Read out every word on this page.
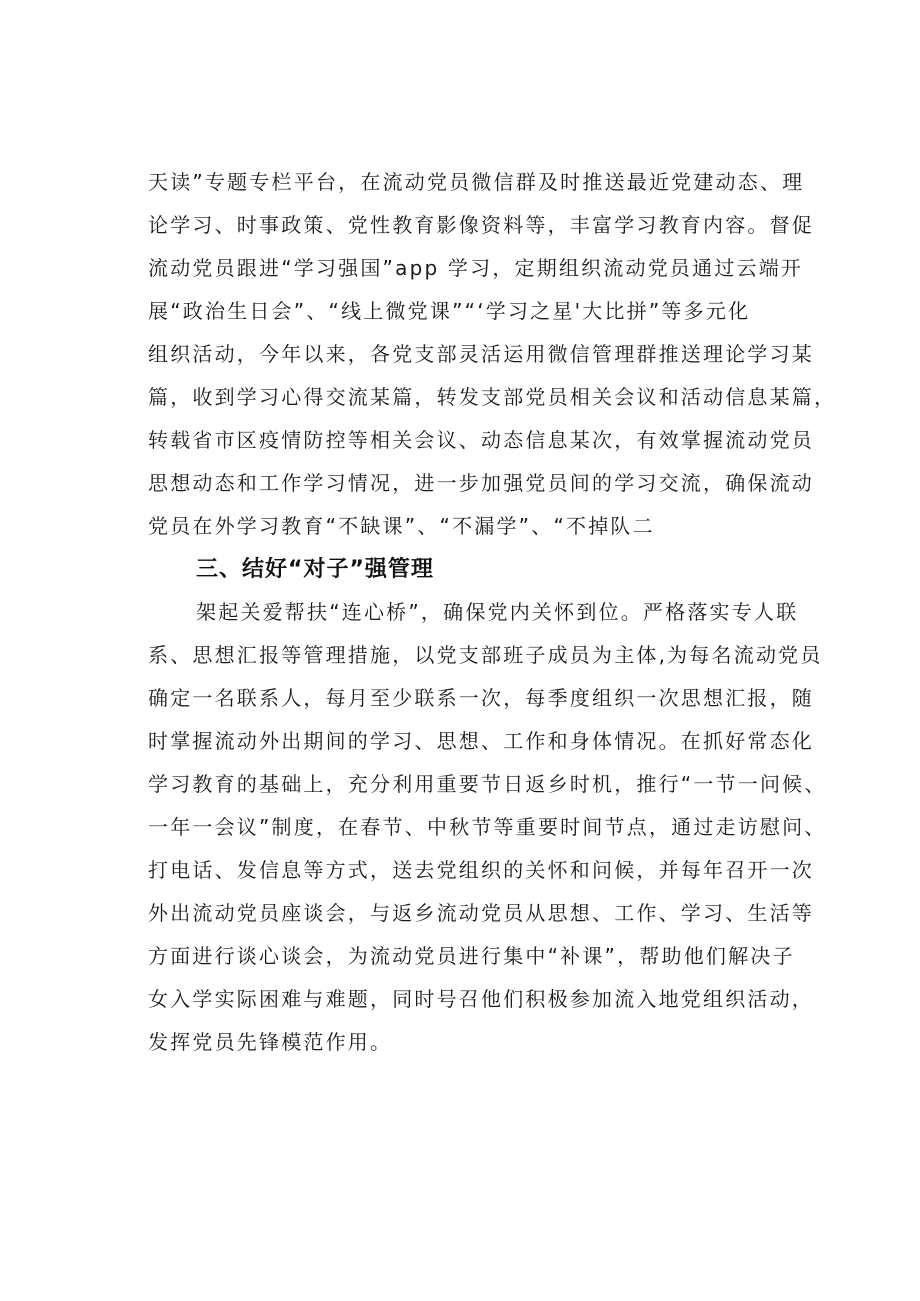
天读”专题专栏平台，在流动党员微信群及时推送最近党建动态、理
论学习、时事政策、党性教育影像资料等，丰富学习教育内容。督促
流动党员跟进“学习强国”app 学习，定期组织流动党员通过云端开
展“政治生日会”、“线上微党课”“‘学习之星'大比拼”等多元化
组织活动，今年以来，各党支部灵活运用微信管理群推送理论学习某
篇，收到学习心得交流某篇，转发支部党员相关会议和活动信息某篇，
转载省市区疫情防控等相关会议、动态信息某次，有效掌握流动党员
思想动态和工作学习情况，进一步加强党员间的学习交流，确保流动
党员在外学习教育“不缺课”、“不漏学”、“不掉队二
三、结好“对子”强管理
架起关爱帮扶“连心桥”，确保党内关怀到位。严格落实专人联
系、思想汇报等管理措施，以党支部班子成员为主体,为每名流动党员
确定一名联系人，每月至少联系一次，每季度组织一次思想汇报，随
时掌握流动外出期间的学习、思想、工作和身体情况。在抓好常态化
学习教育的基础上，充分利用重要节日返乡时机，推行“一节一问候、
一年一会议”制度，在春节、中秋节等重要时间节点，通过走访慰问、
打电话、发信息等方式，送去党组织的关怀和问候，并每年召开一次
外出流动党员座谈会，与返乡流动党员从思想、工作、学习、生活等
方面进行谈心谈会，为流动党员进行集中“补课”，帮助他们解决子
女入学实际困难与难题，同时号召他们积极参加流入地党组织活动，
发挥党员先锋模范作用。
